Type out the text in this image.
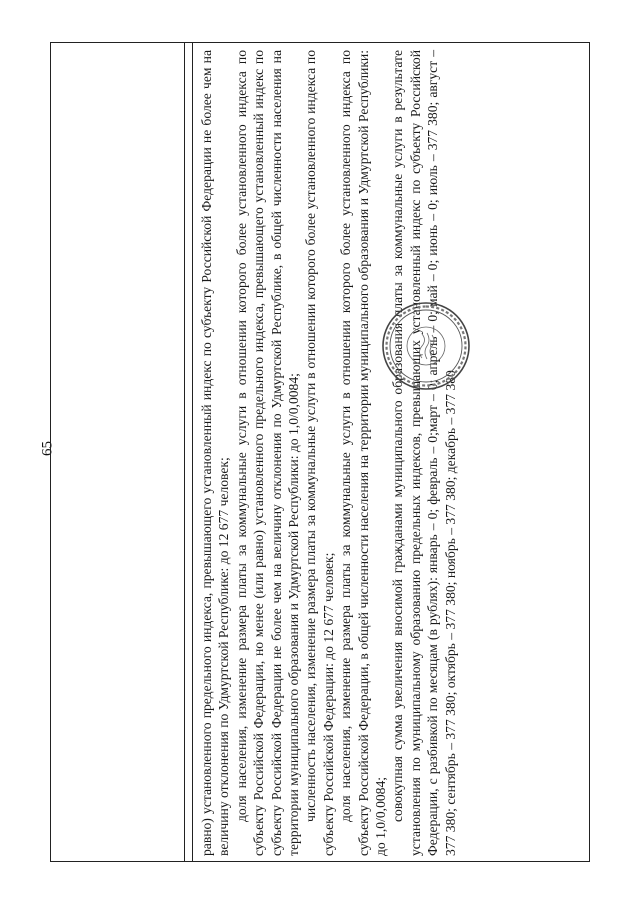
65	равно) установленного предельного индекса, превышающего установленный индекс по субъекту Российской Федерации не более чем на величину отклонения по Удмуртской Республике: до 12 677 человек; доля населения, изменение размера платы за коммунальные услуги в отношении которого более установленного индекса по субъекту Российской Федерации, но менее (или равно) установленного предельного индекса, превышающего установленный индекс по субъекту Российской Федерации не более чем на величину отклонения по Удмуртской Республике, в общей численности населения на территории муниципального образования и Удмуртской Республики: до 1,0/0,0084; численность населения, изменение размера платы за коммунальные услуги в отношении которого более установленного индекса по субъекту Российской Федерации: до 12 677 человек; доля населения, изменение размера платы за коммунальные услуги в отношении которого более установленного индекса по субъекту Российской Федерации, в общей численности населения на территории муниципального образования и Удмуртской Республики: до 1,0/0,0084; совокупная сумма увеличения вносимой гражданами муниципального образования платы за коммунальные услуги в результате установления по муниципальному образованию предельных индексов, превышающих установленный индекс по субъекту Российской Федерации, с разбивкой по месяцам (в рублях): январь – 0; февраль – 0;март – 0; апрель – 0; май – 0; июнь – 0; июль – 377 380; август – 377 380; сентябрь – 377 380; октябрь – 377 380; ноябрь – 377 380; декабрь – 377 380
